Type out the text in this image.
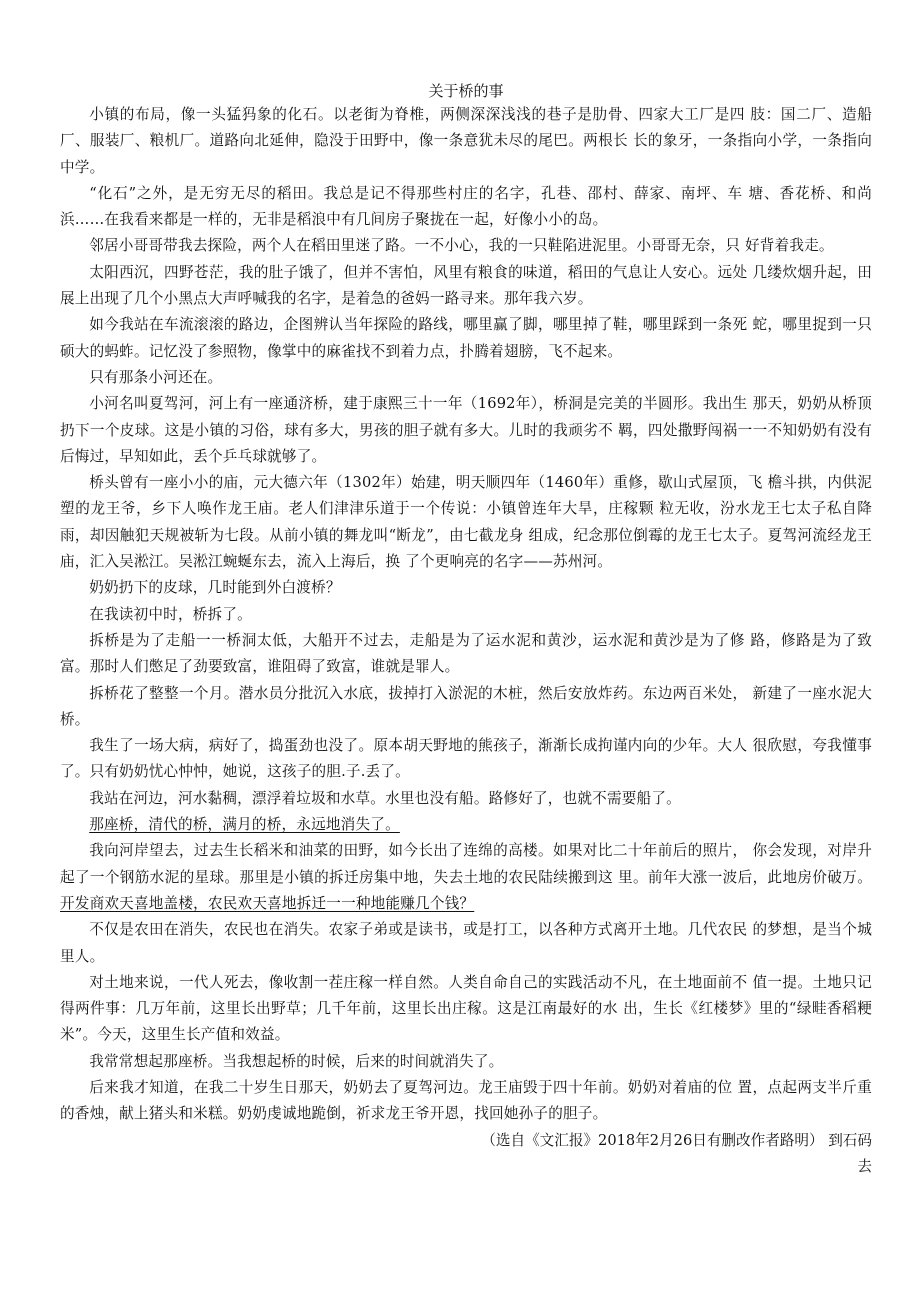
关于桥的事

小镇的布局，像一头猛犸象的化石。以老街为脊椎，两侧深深浅浅的巷子是肋骨、四家大工厂是四 肢：国二厂、造船厂、服装厂、粮机厂。道路向北延伸，隐没于田野中，像一条意犹未尽的尾巴。两根长 长的象牙，一条指向小学，一条指向中学。

“化石”之外，是无穷无尽的稻田。我总是记不得那些村庄的名字，孔巷、邵村、薛家、南坪、车 塘、香花桥、和尚浜……在我看来都是一样的，无非是稻浪中有几间房子聚拢在一起，好像小小的岛。

邻居小哥哥带我去探险，两个人在稻田里迷了路。一不小心，我的一只鞋陷进泥里。小哥哥无奈，只 好背着我走。

太阳西沉，四野苍茫，我的肚子饿了，但并不害怕，风里有粮食的味道，稻田的气息让人安心。远处 几缕炊烟升起，田展上出现了几个小黑点大声呼喊我的名字，是着急的爸妈一路寻来。那年我六岁。

如今我站在车流滚滚的路边，企图辨认当年探险的路线，哪里赢了脚，哪里掉了鞋，哪里踩到一条死 蛇，哪里捉到一只硕大的蚂蚱。记忆没了参照物，像掌中的麻雀找不到着力点，扑腾着翅膀，飞不起来。

只有那条小河还在。

小河名叫夏驾河，河上有一座通济桥，建于康熙三十一年（1692年），桥洞是完美的半圆形。我出生 那天，奶奶从桥顶扔下一个皮球。这是小镇的习俗，球有多大，男孩的胆子就有多大。儿时的我顽劣不 羁，四处撒野闯祸一一不知奶奶有没有后悔过，早知如此，丢个乒乓球就够了。

桥头曾有一座小小的庙，元大德六年（1302年）始建，明天顺四年（1460年）重修，歇山式屋顶，飞 檐斗拱，内供泥塑的龙王爷，乡下人唤作龙王庙。老人们津津乐道于一个传说：小镇曾连年大旱，庄稼颗 粒无收，汾水龙王七太子私自降雨，却因触犯天规被斩为七段。从前小镇的舞龙叫“断龙”，由七截龙身 组成，纪念那位倒霉的龙王七太子。夏驾河流经龙王庙，汇入吴淞江。吴淞江蜿蜒东去，流入上海后，换 了个更响亮的名字——苏州河。

奶奶扔下的皮球，几时能到外白渡桥？

在我读初中时，桥拆了。

拆桥是为了走船一一桥洞太低，大船开不过去，走船是为了运水泥和黄沙，运水泥和黄沙是为了修 路，修路是为了致富。那时人们憋足了劲要致富，谁阻碍了致富，谁就是罪人。

拆桥花了整整一个月。潜水员分批沉入水底，拔掉打入淤泥的木桩，然后安放炸药。东边两百米处， 新建了一座水泥大桥。

我生了一场大病，病好了，捣蛋劲也没了。原本胡天野地的熊孩子，渐渐长成拘谨内向的少年。大人 很欣慰，夸我懂事了。只有奶奶忧心忡忡，她说，这孩子的胆.子.丢了。

我站在河边，河水黏稠，漂浮着垃圾和水草。水里也没有船。路修好了，也就不需要船了。

那座桥，清代的桥，满月的桥，永远地消失了。

我向河岸望去，过去生长稻米和油菜的田野，如今长出了连绵的高楼。如果对比二十年前后的照片， 你会发现，对岸升起了一个钢筋水泥的星球。那里是小镇的拆迁房集中地，失去土地的农民陆续搬到这 里。前年大涨一波后，此地房价破万。开发商欢天喜地盖楼，农民欢天喜地拆迁一一种地能赚几个钱？

不仅是农田在消失，农民也在消失。农家子弟或是读书，或是打工，以各种方式离开土地。几代农民 的梦想，是当个城里人。

对土地来说，一代人死去，像收割一茬庄稼一样自然。人类自命自己的实践活动不凡，在土地面前不 值一提。土地只记得两件事：几万年前，这里长出野草；几千年前，这里长出庄稼。这是江南最好的水 出，生长《红楼梦》里的“绿畦香稻粳米”。今天，这里生长产值和效益。

我常常想起那座桥。当我想起桥的时候，后来的时间就消失了。

后来我才知道，在我二十岁生日那天，奶奶去了夏驾河边。龙王庙毁于四十年前。奶奶对着庙的位 置，点起两支半斤重的香烛，献上猪头和米糕。奶奶虔诚地跪倒，祈求龙王爷开恩，找回她孙子的胆子。

（选自《文汇报》2018年2月26日有删改作者路明） 到石码

去
